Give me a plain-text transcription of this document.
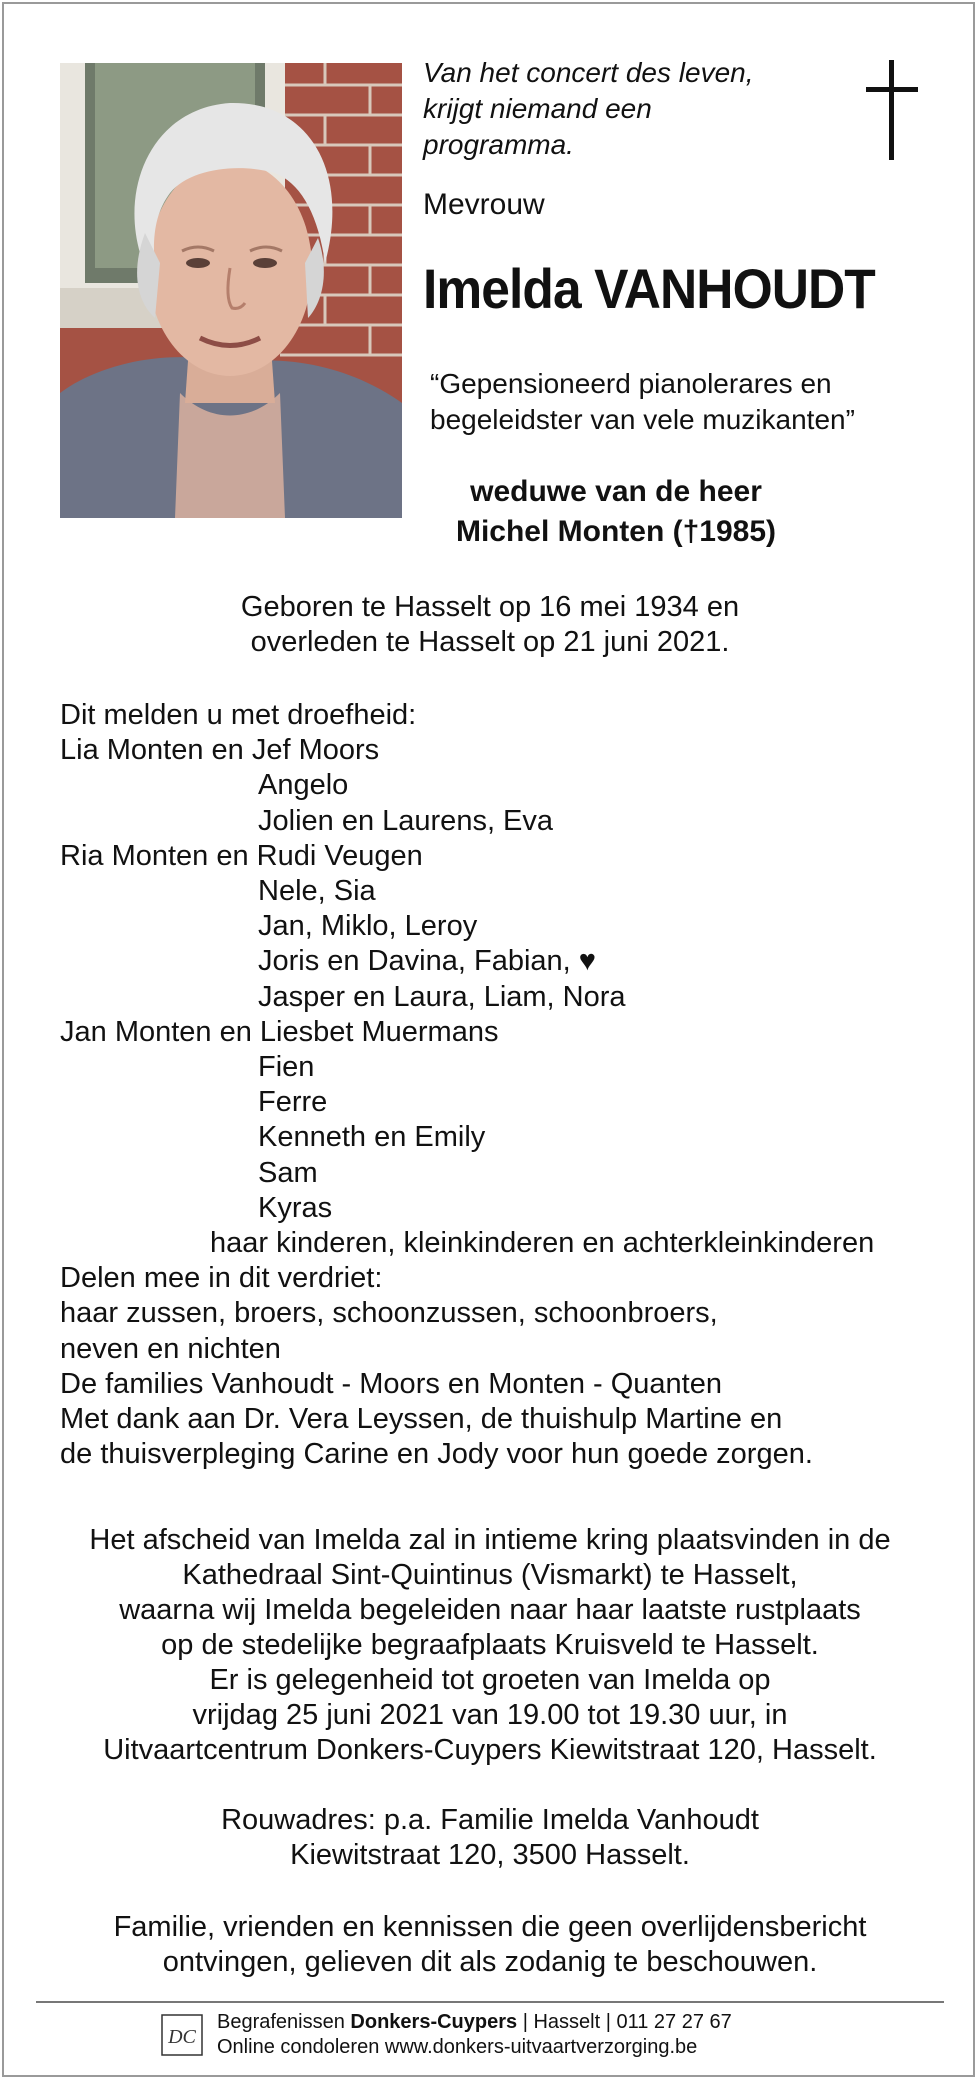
Van het concert des leven,
krijgt niemand een
programma.
Mevrouw
Imelda VANHOUDT
“Gepensioneerd pianolerares en
begeleidster van vele muzikanten”
weduwe van de heer
Michel Monten (†1985)
Geboren te Hasselt op 16 mei 1934 en
overleden te Hasselt op 21 juni 2021.
Dit melden u met droefheid:
Lia Monten en Jef Moors
Angelo
Jolien en Laurens, Eva
Ria Monten en Rudi Veugen
Nele, Sia
Jan, Miklo, Leroy
Joris en Davina, Fabian, ♥
Jasper en Laura, Liam, Nora
Jan Monten en Liesbet Muermans
Fien
Ferre
Kenneth en Emily
Sam
Kyras
haar kinderen, kleinkinderen en achterkleinkinderen
Delen mee in dit verdriet:
haar zussen, broers, schoonzussen, schoonbroers,
neven en nichten
De families Vanhoudt - Moors en Monten - Quanten
Met dank aan Dr. Vera Leyssen, de thuishulp Martine en
de thuisverpleging Carine en Jody voor hun goede zorgen.
Het afscheid van Imelda zal in intieme kring plaatsvinden in de
Kathedraal Sint-Quintinus (Vismarkt) te Hasselt,
waarna wij Imelda begeleiden naar haar laatste rustplaats
op de stedelijke begraafplaats Kruisveld te Hasselt.
Er is gelegenheid tot groeten van Imelda op
vrijdag 25 juni 2021 van 19.00 tot 19.30 uur, in
Uitvaartcentrum Donkers-Cuypers Kiewitstraat 120, Hasselt.
Rouwadres: p.a. Familie Imelda Vanhoudt
Kiewitstraat 120, 3500 Hasselt.
Familie, vrienden en kennissen die geen overlijdensbericht
ontvingen, gelieven dit als zodanig te beschouwen.
DC
Begrafenissen Donkers-Cuypers | Hasselt | 011 27 27 67
Online condoleren www.donkers-uitvaartverzorging.be
